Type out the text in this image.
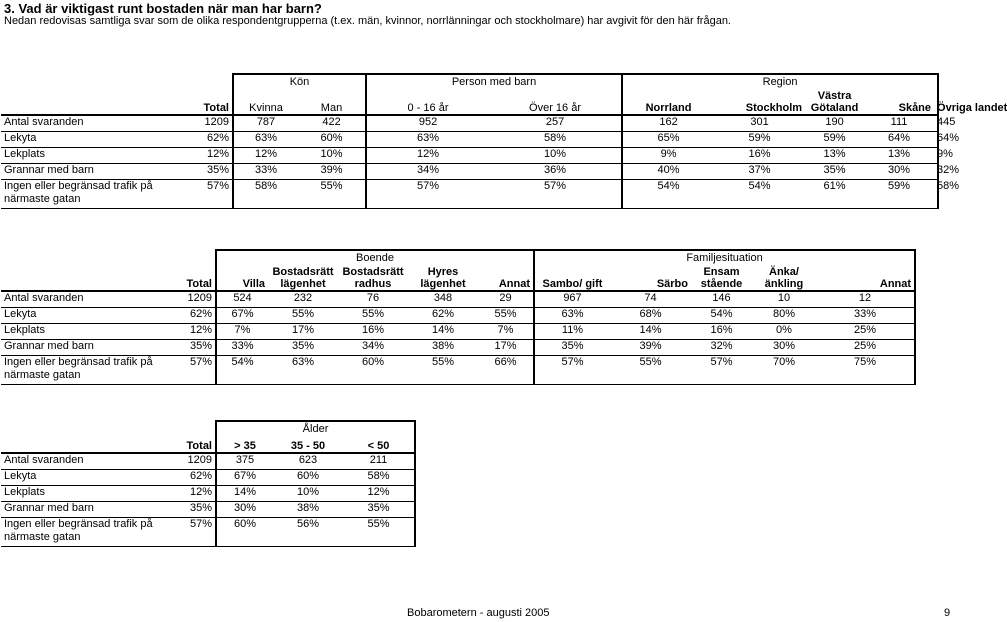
3. Vad är viktigast runt bostaden när man har barn?
Nedan redovisas samtliga svar som de olika respondentgrupperna (t.ex. män, kvinnor, norrlänningar och stockholmare) har avgivit för den här frågan.
		Kön		Person med barn		Region				
	Total	Kvinna	Man	0 - 16 år	Över 16 år	Norrland	Stockholm	Västra Götaland	Skåne	Övriga landet
Antal svaranden	1209	787	422	952	257	162	301	190	111	445
Lekyta	62%	63%	60%	63%	58%	65%	59%	59%	64%	64%
Lekplats	12%	12%	10%	12%	10%	9%	16%	13%	13%	9%
Grannar med barn	35%	33%	39%	34%	36%	40%	37%	35%	30%	32%
Ingen eller begränsad trafik på närmaste gatan	57%	58%	55%	57%	57%	54%	54%	61%	59%	58%
		Boende					Familjesituation				
	Total	Villa	Bostadsrätt lägenhet	Bostadsrätt radhus	Hyres lägenhet	Annat	Sambo/ gift	Särbo	Ensam stående	Änka/ änkling	Annat
Antal svaranden	1209	524	232	76	348	29	967	74	146	10	12
Lekyta	62%	67%	55%	55%	62%	55%	63%	68%	54%	80%	33%
Lekplats	12%	7%	17%	16%	14%	7%	11%	14%	16%	0%	25%
Grannar med barn	35%	33%	35%	34%	38%	17%	35%	39%	32%	30%	25%
Ingen eller begränsad trafik på närmaste gatan	57%	54%	63%	60%	55%	66%	57%	55%	57%	70%	75%
		Ålder		
	Total	> 35	35 - 50	< 50
Antal svaranden	1209	375	623	211
Lekyta	62%	67%	60%	58%
Lekplats	12%	14%	10%	12%
Grannar med barn	35%	30%	38%	35%
Ingen eller begränsad trafik på närmaste gatan	57%	60%	56%	55%
Bobarometern - augusti 2005	9
